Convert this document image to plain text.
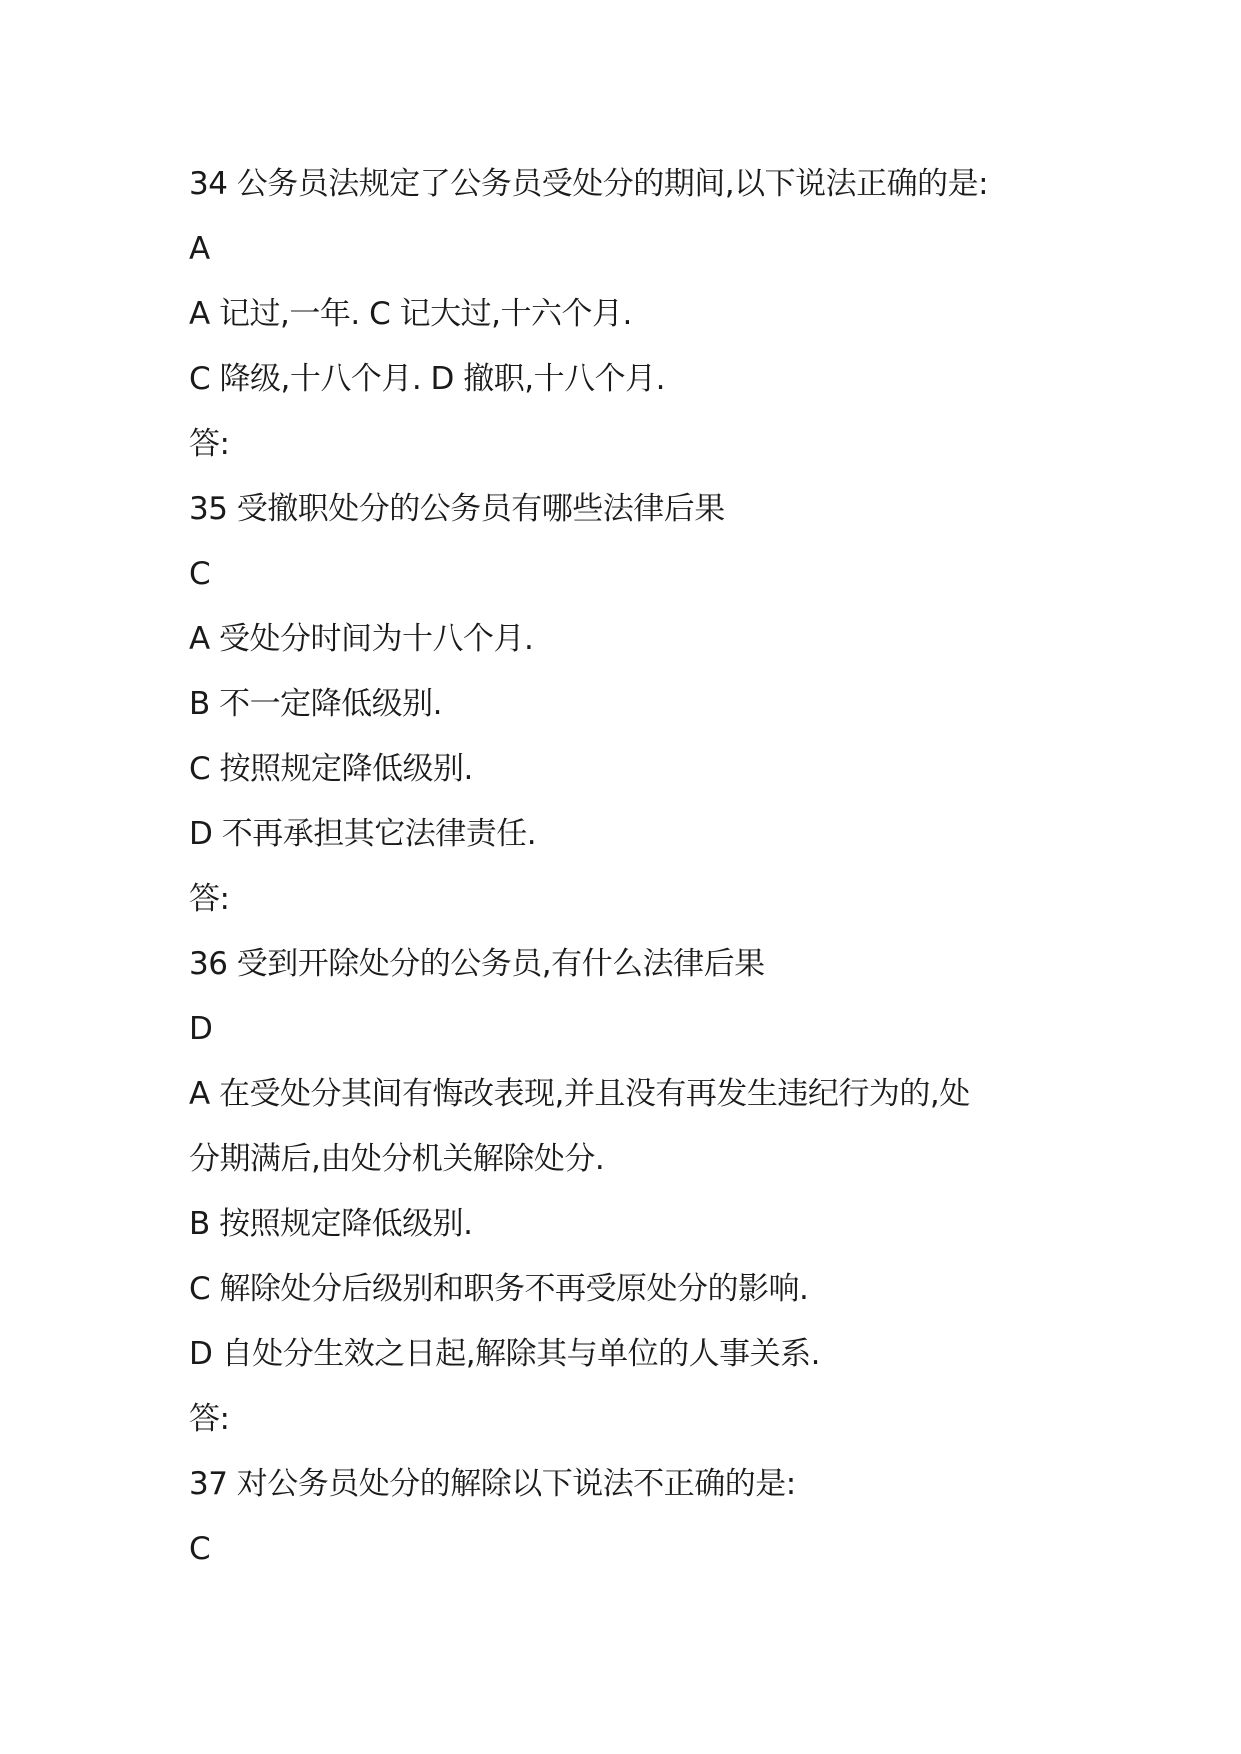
34 公务员法规定了公务员受处分的期间,以下说法正确的是:
A
A 记过,一年. C 记大过,十六个月.
C 降级,十八个月. D 撤职,十八个月.
答:
35 受撤职处分的公务员有哪些法律后果
C
A 受处分时间为十八个月.
B 不一定降低级别.
C 按照规定降低级别.
D 不再承担其它法律责任.
答:
36 受到开除处分的公务员,有什么法律后果
D
A 在受处分其间有悔改表现,并且没有再发生违纪行为的,处
分期满后,由处分机关解除处分.
B 按照规定降低级别.
C 解除处分后级别和职务不再受原处分的影响.
D 自处分生效之日起,解除其与单位的人事关系.
答:
37 对公务员处分的解除以下说法不正确的是:
C
